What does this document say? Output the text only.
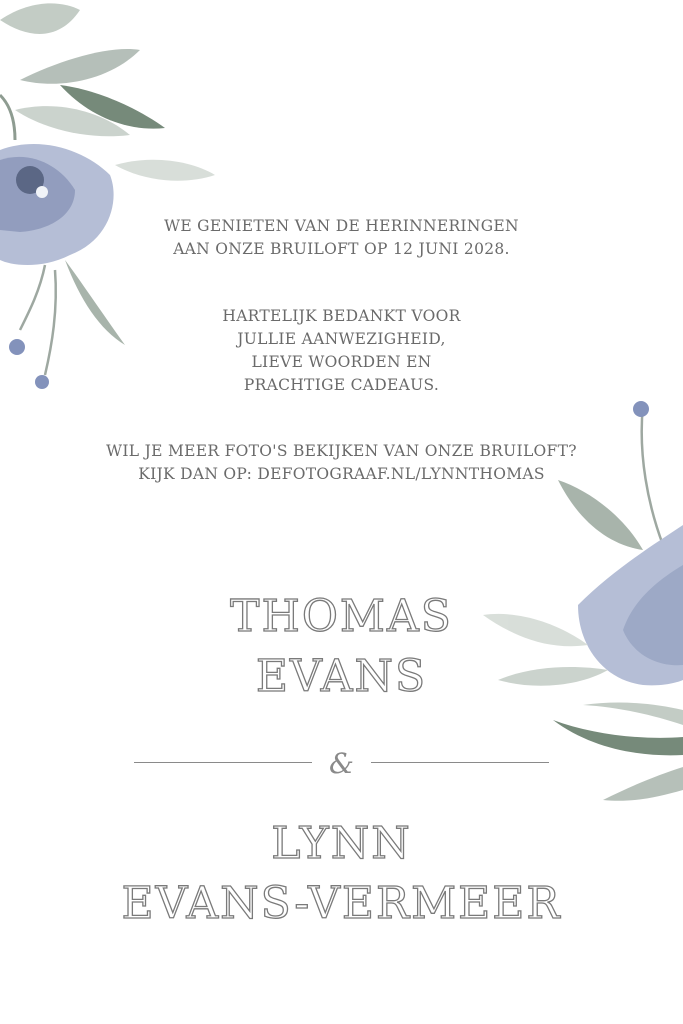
WE GENIETEN VAN DE HERINNERINGEN
AAN ONZE BRUILOFT OP 12 JUNI 2028.
HARTELIJK BEDANKT VOOR
JULLIE AANWEZIGHEID,
LIEVE WOORDEN EN
PRACHTIGE CADEAUS.
WIL JE MEER FOTO'S BEKIJKEN VAN ONZE BRUILOFT?
KIJK DAN OP: DEFOTOGRAAF.NL/LYNNTHOMAS
THOMAS
EVANS
&
LYNN
EVANS-VERMEER
